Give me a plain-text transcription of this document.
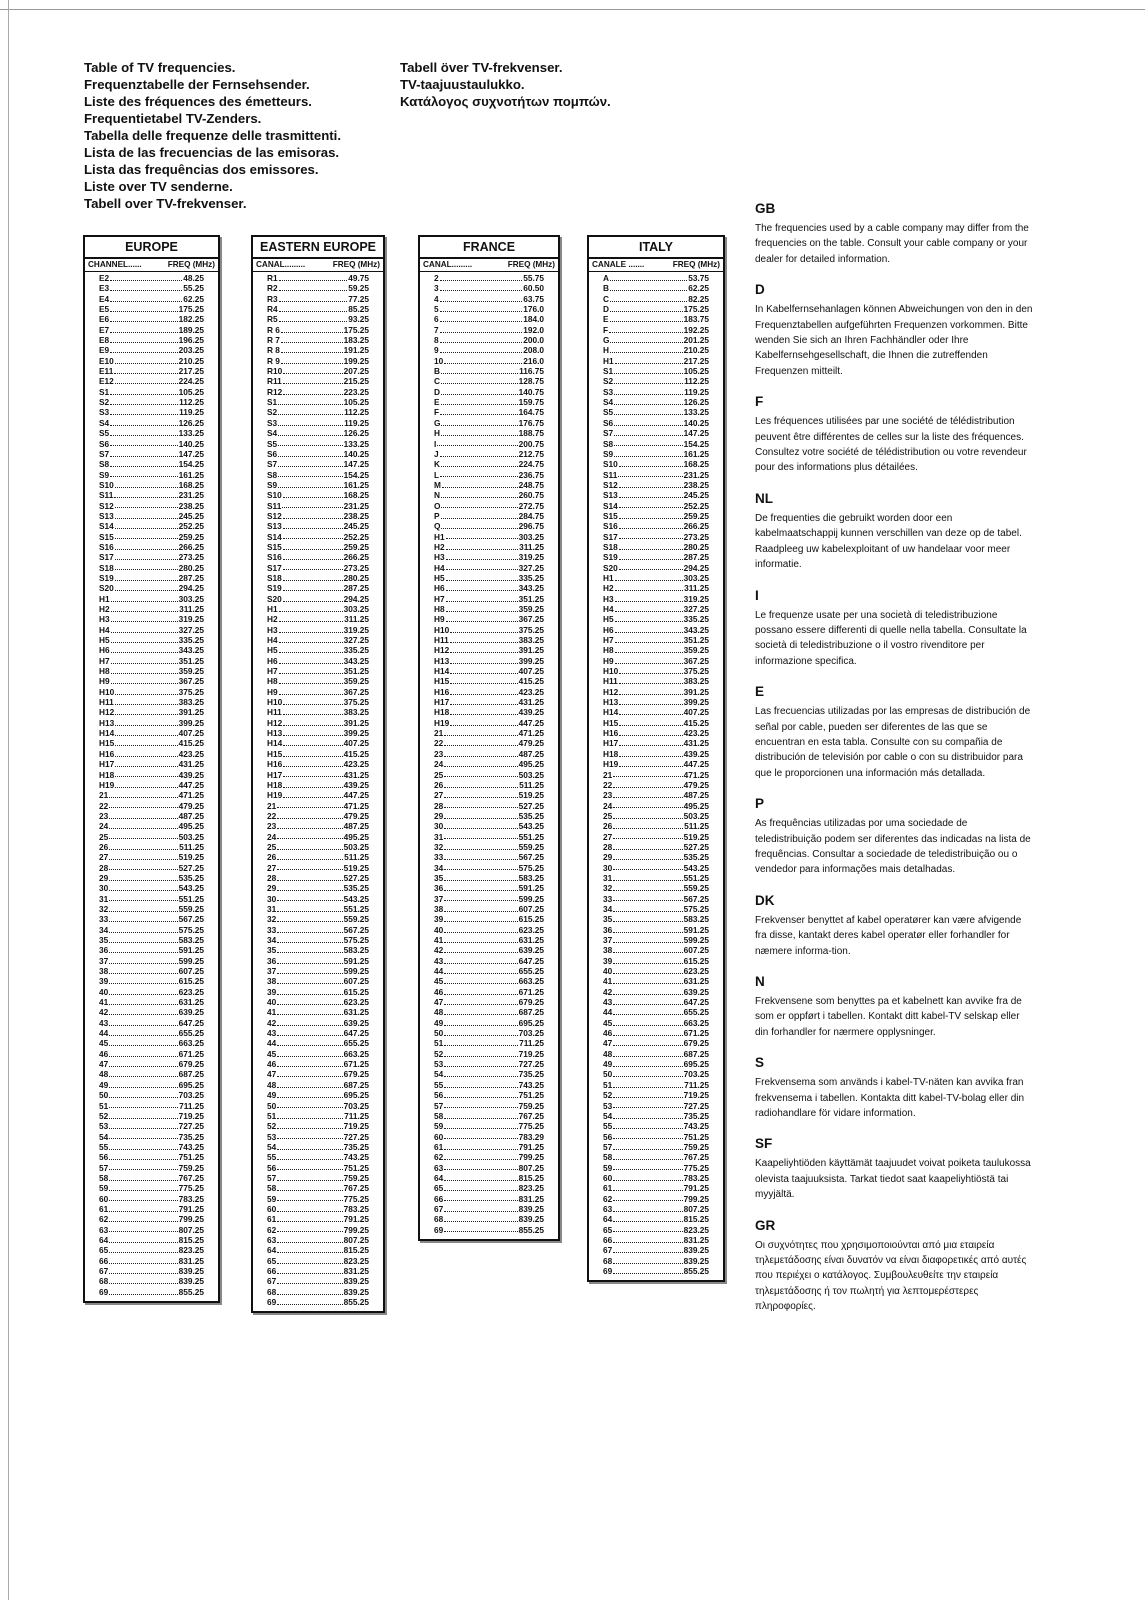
Table of TV frequencies.
Frequenztabelle der Fernsehsender.
Liste des fréquences des émetteurs.
Frequentietabel TV-Zenders.
Tabella delle frequenze delle trasmittenti.
Lista de las frecuencias de las emisoras.
Lista das frequências dos emissores.
Liste over TV senderne.
Tabell over TV-frekvenser.
Tabell över TV-frekvenser.
TV-taajuustaulukko.
Κατάλογος συχνοτήτων πομπών.
EUROPE
CHANNEL......	FREQ (MHz)
E2	48.25
E3	55.25
E4	62.25
E5	175.25
E6	182.25
E7	189.25
E8	196.25
E9	203.25
E10	210.25
E11	217.25
E12	224.25
S1	105.25
S2	112.25
S3	119.25
S4	126.25
S5	133.25
S6	140.25
S7	147.25
S8	154.25
S9	161.25
S10	168.25
S11	231.25
S12	238.25
S13	245.25
S14	252.25
S15	259.25
S16	266.25
S17	273.25
S18	280.25
S19	287.25
S20	294.25
H1	303.25
H2	311.25
H3	319.25
H4	327.25
H5	335.25
H6	343.25
H7	351.25
H8	359.25
H9	367.25
H10	375.25
H11	383.25
H12	391.25
H13	399.25
H14	407.25
H15	415.25
H16	423.25
H17	431.25
H18	439.25
H19	447.25
21	471.25
22	479.25
23	487.25
24	495.25
25	503.25
26	511.25
27	519.25
28	527.25
29	535.25
30	543.25
31	551.25
32	559.25
33	567.25
34	575.25
35	583.25
36	591.25
37	599.25
38	607.25
39	615.25
40	623.25
41	631.25
42	639.25
43	647.25
44	655.25
45	663.25
46	671.25
47	679.25
48	687.25
49	695.25
50	703.25
51	711.25
52	719.25
53	727.25
54	735.25
55	743.25
56	751.25
57	759.25
58	767.25
59	775.25
60	783.25
61	791.25
62	799.25
63	807.25
64	815.25
65	823.25
66	831.25
67	839.25
68	839.25
69	855.25
EASTERN EUROPE
CANAL.........	FREQ (MHz)
R1	49.75
R2	59.25
R3	77.25
R4	85.25
R5	93.25
R 6	175.25
R 7	183.25
R 8	191.25
R 9	199.25
R10	207.25
R11	215.25
R12	223.25
S1	105.25
S2	112.25
S3	119.25
S4	126.25
S5	133.25
S6	140.25
S7	147.25
S8	154.25
S9	161.25
S10	168.25
S11	231.25
S12	238.25
S13	245.25
S14	252.25
S15	259.25
S16	266.25
S17	273.25
S18	280.25
S19	287.25
S20	294.25
H1	303.25
H2	311.25
H3	319.25
H4	327.25
H5	335.25
H6	343.25
H7	351.25
H8	359.25
H9	367.25
H10	375.25
H11	383.25
H12	391.25
H13	399.25
H14	407.25
H15	415.25
H16	423.25
H17	431.25
H18	439.25
H19	447.25
21	471.25
22	479.25
23	487.25
24	495.25
25	503.25
26	511.25
27	519.25
28	527.25
29	535.25
30	543.25
31	551.25
32	559.25
33	567.25
34	575.25
35	583.25
36	591.25
37	599.25
38	607.25
39	615.25
40	623.25
41	631.25
42	639.25
43	647.25
44	655.25
45	663.25
46	671.25
47	679.25
48	687.25
49	695.25
50	703.25
51	711.25
52	719.25
53	727.25
54	735.25
55	743.25
56	751.25
57	759.25
58	767.25
59	775.25
60	783.25
61	791.25
62	799.25
63	807.25
64	815.25
65	823.25
66	831.25
67	839.25
68	839.25
69	855.25
FRANCE
CANAL.........	FREQ (MHz)
2	55.75
3	60.50
4	63.75
5	176.0
6	184.0
7	192.0
8	200.0
9	208.0
10	216.0
B	116.75
C	128.75
D	140.75
E	159.75
F	164.75
G	176.75
H	188.75
I	200.75
J	212.75
K	224.75
L	236.75
M	248.75
N	260.75
O	272.75
P	284.75
Q	296.75
H1	303.25
H2	311.25
H3	319.25
H4	327.25
H5	335.25
H6	343.25
H7	351.25
H8	359.25
H9	367.25
H10	375.25
H11	383.25
H12	391.25
H13	399.25
H14	407.25
H15	415.25
H16	423.25
H17	431.25
H18	439.25
H19	447.25
21	471.25
22	479.25
23	487.25
24	495.25
25	503.25
26	511.25
27	519.25
28	527.25
29	535.25
30	543.25
31	551.25
32	559.25
33	567.25
34	575.25
35	583.25
36	591.25
37	599.25
38	607.25
39	615.25
40	623.25
41	631.25
42	639.25
43	647.25
44	655.25
45	663.25
46	671.25
47	679.25
48	687.25
49	695.25
50	703.25
51	711.25
52	719.25
53	727.25
54	735.25
55	743.25
56	751.25
57	759.25
58	767.25
59	775.25
60	783.29
61	791.25
62	799.25
63	807.25
64	815.25
65	823.25
66	831.25
67	839.25
68	839.25
69	855.25
ITALY
CANALE .......	FREQ (MHz)
A	53.75
B	62.25
C	82.25
D	175.25
E	183.75
F	192.25
G	201.25
H	210.25
H1	217.25
S1	105.25
S2	112.25
S3	119.25
S4	126.25
S5	133.25
S6	140.25
S7	147.25
S8	154.25
S9	161.25
S10	168.25
S11	231.25
S12	238.25
S13	245.25
S14	252.25
S15	259.25
S16	266.25
S17	273.25
S18	280.25
S19	287.25
S20	294.25
H1	303.25
H2	311.25
H3	319.25
H4	327.25
H5	335.25
H6	343.25
H7	351.25
H8	359.25
H9	367.25
H10	375.25
H11	383.25
H12	391.25
H13	399.25
H14	407.25
H15	415.25
H16	423.25
H17	431.25
H18	439.25
H19	447.25
21	471.25
22	479.25
23	487.25
24	495.25
25	503.25
26	511.25
27	519.25
28	527.25
29	535.25
30	543.25
31	551.25
32	559.25
33	567.25
34	575.25
35	583.25
36	591.25
37	599.25
38	607.25
39	615.25
40	623.25
41	631.25
42	639.25
43	647.25
44	655.25
45	663.25
46	671.25
47	679.25
48	687.25
49	695.25
50	703.25
51	711.25
52	719.25
53	727.25
54	735.25
55	743.25
56	751.25
57	759.25
58	767.25
59	775.25
60	783.25
61	791.25
62	799.25
63	807.25
64	815.25
65	823.25
66	831.25
67	839.25
68	839.25
69	855.25
GB
The frequencies used by a cable company may differ from the frequencies on the table. Consult your cable company or your dealer for detailed information.
D
In Kabelfernsehanlagen können Abweichungen von den in den Frequenztabellen aufgeführten Frequenzen vorkommen. Bitte wenden Sie sich an Ihren Fachhändler oder Ihre Kabelfernsehgesellschaft, die Ihnen die zutreffenden Frequenzen mitteilt.
F
Les fréquences utilisées par une société de télédistribution peuvent être différentes de celles sur la liste des fréquences. Consultez votre société de télédistribution ou votre revendeur pour des informations plus détailées.
NL
De frequenties die gebruikt worden door een kabelmaatschappij kunnen verschillen van deze op de tabel. Raadpleeg uw kabelexploitant of uw handelaar voor meer informatie.
I
Le frequenze usate per una società di teledistribuzione possano essere differenti di quelle nella tabella. Consultate la società di teledistribuzione o il vostro rivenditore per informazione specifica.
E
Las frecuencias utilizadas por las empresas de distribución de señal por cable, pueden ser diferentes de las que se encuentran en esta tabla. Consulte con su compañia de distribución de televisión por cable o con su distribuidor para que le proporcionen una información más detallada.
P
As frequências utilizadas por uma sociedade de teledistribuição podem ser diferentes das indicadas na lista de frequências. Consultar a sociedade de teledistribuição ou o vendedor para informações mais detalhadas.
DK
Frekvenser benyttet af kabel operatører kan være afvigende fra disse, kantakt deres kabel operatør eller forhandler for næmere informa-tion.
N
Frekvensene som benyttes pa et kabelnett kan avvike fra de som er oppført i tabellen. Kontakt ditt kabel-TV selskap eller din forhandler for nærmere opplysninger.
S
Frekvensema som används i kabel-TV-näten kan avvika fran frekvensema i tabellen. Kontakta ditt kabel-TV-bolag eller din radiohandlare för vidare information.
SF
Kaapeliyhtiöden käyttämät taajuudet voivat poiketa taulukossa olevista taajuuksista. Tarkat tiedot saat kaapeliyhtiöstä tai myyjältä.
GR
Οι συχνότητες που χρησιμοποιούνται από μια εταιρεία τηλεμετάδοσης είναι δυνατόν να είναι διαφορετικές από αυτές που περιέχει ο κατάλογος. Συμβουλευθείτε την εταιρεία τηλεμετάδοσης ή τον πωλητή για λεπτομερέστερες πληροφορίες.
